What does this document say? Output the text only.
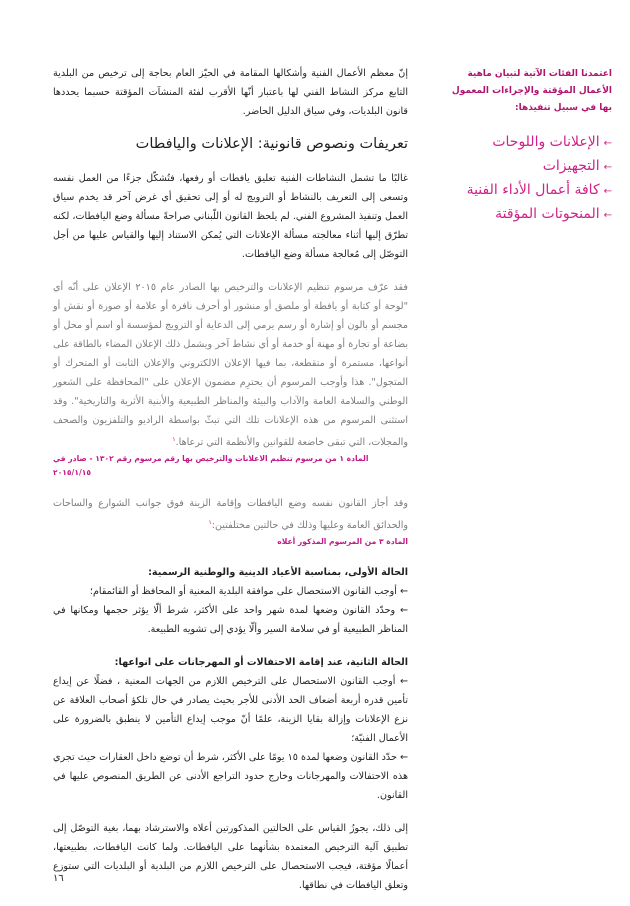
اعتمدنا الفئات الآتية لتبيان ماهية الأعمال المؤقتة والإجراءات المعمول بها في سبيل تنفيذها:

←الإعلانات واللوحات
←التجهيزات
←كافة أعمال الأداء الفنية
←المنحوتات المؤقتة

إنّ معظم الأعمال الفنية وأشكالها المقامة في الحيّز العام بحاجة إلى ترخيص من البلدية التابع مركز النشاط الفني لها باعتبار أنّها الأقرب لفئة المنشآت المؤقتة حسبما يحددها قانون البلديات، وفي سياق الدليل الحاضر.

تعريفات ونصوص قانونية: الإعلانات واليافطات

غالبًا ما تشمل النشاطات الفنية تعليق يافطات أو رفعها، فتُشكّل جزءًا من العمل نفسه وتسعى إلى التعريف بالنشاط أو الترويج له أو إلى تحقيق أي غرض آخر قد يخدم سياق العمل وتنفيذ المشروع الفني. لم يلحظ القانون اللّبناني صراحةً مسألة وضع اليافطات، لكنه تطرّق إليها أثناء معالجته مسألة الإعلانات التي يُمكن الاستناد إليها والقياس عليها من أجل التوصّل إلى مُعالجة مسألة وضع اليافطات.

فقد عرّف مرسوم تنظيم الإعلانات والترخيص بها الصادر عام ٢٠١٥ الإعلان على أنّه أي "لوحة أو كتابة أو يافطة أو ملصق أو منشور أو أحرف نافرة أو علامة أو صورة أو نقش أو مجسم أو بالون أو إشارة أو رسم يرمي إلى الدعاية أو الترويج لمؤسسة أو اسم أو محل أو بضاعة أو تجارة أو مهنة أو خدمة أو أي نشاط آخر ويشمل ذلك الإعلان المضاء بالطاقة على أنواعها، مستمرة أو متقطعة، بما فيها الإعلان الالكتروني والإعلان الثابت أو المتحرك أو المتجول". هذا وأوجب المرسوم أن يحترِم مضمون الإعلان على "المحافظة على الشعور الوطني والسلامة العامة والآداب والبيئة والمناظر الطبيعية والأبنية الأثرية والتاريخية". وقد استثنى المرسوم من هذه الإعلانات تلك التي تبثّ بواسطة الراديو والتلفزيون والصحف والمجلات، التي تبقى خاضعة للقوانين والأنظمة التي ترعاها.$^١$

المادة ١ من مرسوم تنظيم الاعلانات والترخيص بها رقم مرسوم رقم ١٣٠٢ - صادر في ٢٠١٥/١/١٥

وقد أجاز القانون نفسه وضع اليافطات وإقامة الزينة فوق جوانب الشوارع والساحات والحدائق العامة وعليها وذلك في حالتين مختلفتين:$^١$

المادة ٣ من المرسوم المذكور أعلاه

الحالة الأولى، بمناسبة الأعياد الدينية والوطنية الرسمية:

← أوجب القانون الاستحصال على موافقة البلدية المعنية أو المحافظ أو القائمقام؛

← وحدّد القانون وضعها لمدة شهر واحد على الأكثر، شرط ألّا يؤثر حجمها ومكانها في المناظر الطبيعية أو في سلامة السير وألّا يؤدي إلى تشويه الطبيعة.

الحالة الثانية، عند إقامة الاحتفالات أو المهرجانات على انواعها:

← أوجب القانون الاستحصال على الترخيص اللازم من الجهات المعنية ، فضلًا عن إيداع تأمين قدره أربعة أضعاف الحد الأدنى للأجر بحيث يصادر في حال تلكؤ أصحاب العلاقة عن نزع الإعلانات وإزالة بقايا الزينة، علمًا أنّ موجب إيداع التأمين لا ينطبق بالضرورة على الأعمال الفنيّة؛

← حدّد القانون وضعها لمدة ١٥ يومًا على الأكثر، شرط أن توضع داخل العقارات حيث تجري هذه الاحتفالات والمهرجانات وخارج حدود التراجع الأدنى عن الطريق المنصوص عليها في القانون.

إلى ذلك، يجوزُ القياس على الحالتين المذكورتين أعلاه والاسترشاد بهما، بغية التوصّل إلى تطبيق آلية الترخيص المعتمدة بشأنهما على اليافطات. ولما كانت اليافطات، بطبيعتها، أعمالًا مؤقتة، فيجب الاستحصال على الترخيص اللازم من البلدية أو البلديات التي ستوزع وتعلق اليافطات في نطاقها.

١٦
